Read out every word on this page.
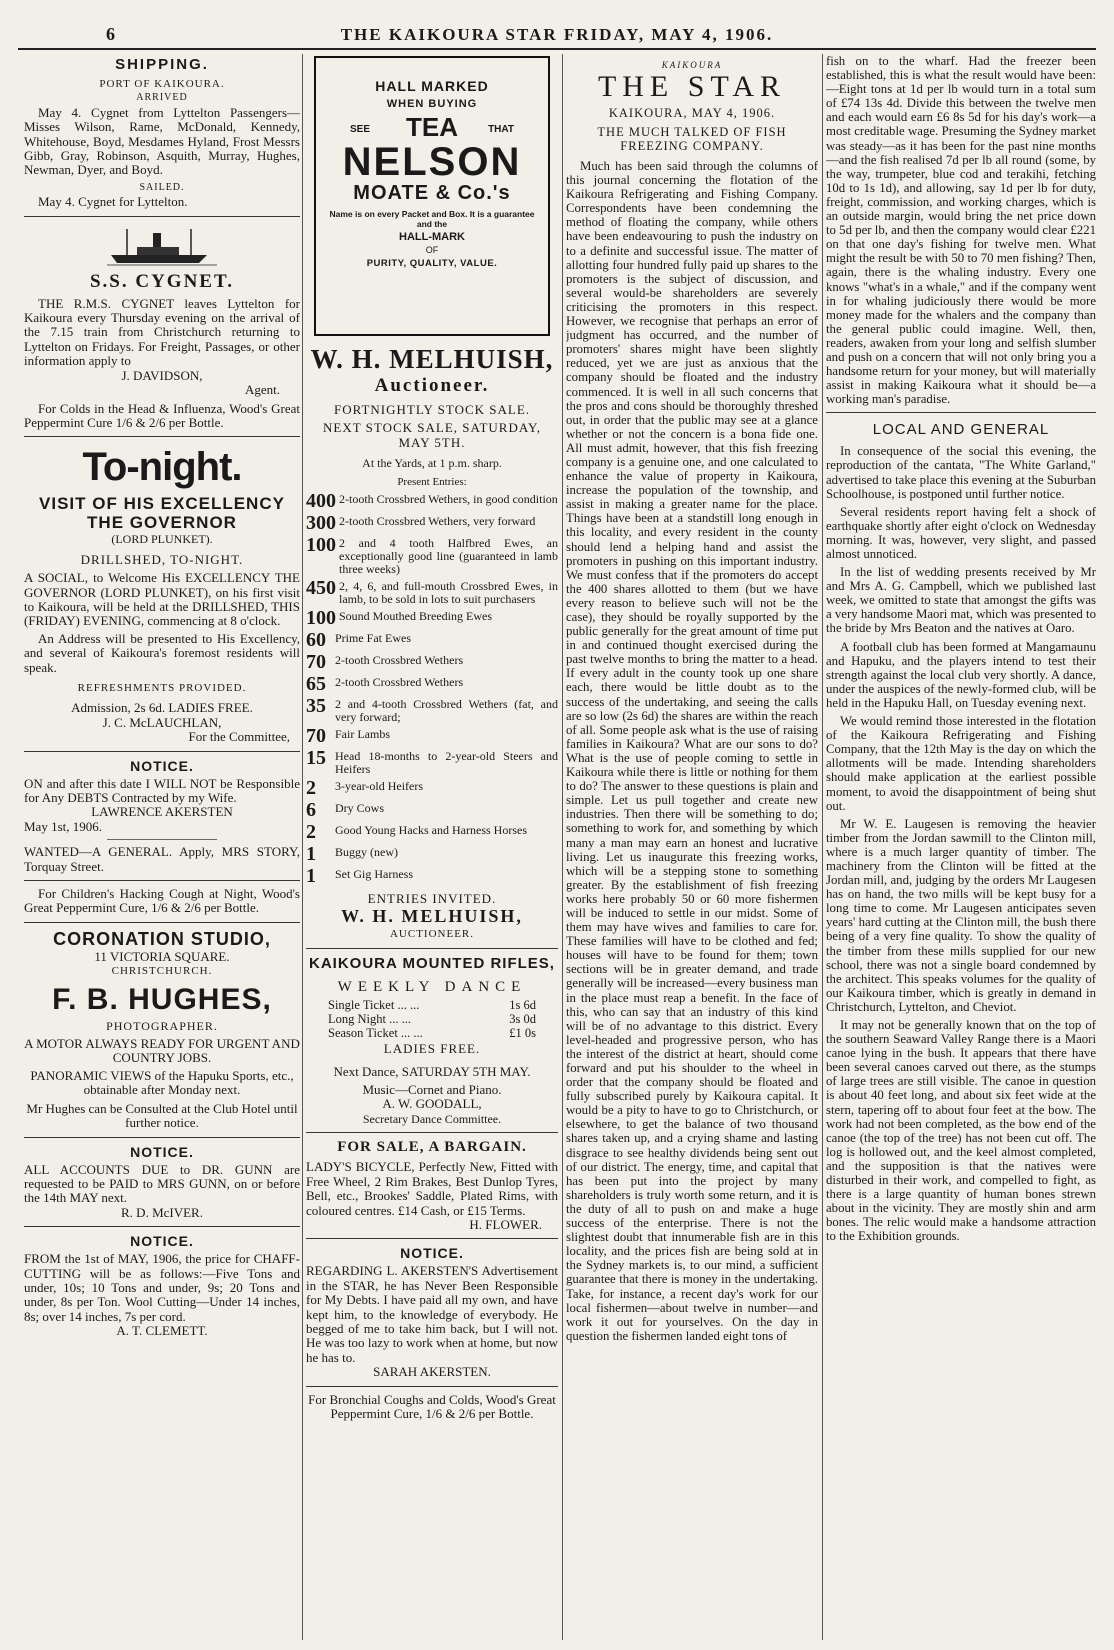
6	THE KAIKOURA STAR FRIDAY, MAY 4, 1906.
SHIPPING.

PORT OF KAIKOURA.

ARRIVED

May 4. Cygnet from Lyttelton Passengers—Misses Wilson, Rame, McDonald, Kennedy, Whitehouse, Boyd, Mesdames Hyland, Frost Messrs Gibb, Gray, Robinson, Asquith, Murray, Hughes, Newman, Dyer, and Boyd.

SAILED.

May 4. Cygnet for Lyttelton.

S.S. CYGNET.

THE R.M.S. CYGNET leaves Lyttelton for Kaikoura every Thursday evening on the arrival of the 7.15 train from Christchurch returning to Lyttelton on Fridays. For Freight, Passages, or other information apply to

J. DAVIDSON,

Agent.

For Colds in the Head & Influenza, Wood's Great Peppermint Cure 1/6 & 2/6 per Bottle.

To-night.
VISIT OF HIS EXCELLENCY THE GOVERNOR

(LORD PLUNKET).

DRILLSHED, TO-NIGHT.

A SOCIAL, to Welcome His EXCELLENCY THE GOVERNOR (LORD PLUNKET), on his first visit to Kaikoura, will be held at the DRILLSHED, THIS (FRIDAY) EVENING, commencing at 8 o'clock.

An Address will be presented to His Excellency, and several of Kaikoura's foremost residents will speak.

REFRESHMENTS PROVIDED.

Admission, 2s 6d. LADIES FREE.

J. C. McLAUCHLAN,

For the Committee,

NOTICE.

ON and after this date I WILL NOT be Responsible for Any DEBTS Contracted by my Wife.

LAWRENCE AKERSTEN

May 1st, 1906.

WANTED—A GENERAL. Apply, MRS STORY, Torquay Street.

For Children's Hacking Cough at Night, Wood's Great Peppermint Cure, 1/6 & 2/6 per Bottle.

CORONATION STUDIO,

11 VICTORIA SQUARE.

CHRISTCHURCH.

F. B. HUGHES,

PHOTOGRAPHER.

A MOTOR ALWAYS READY FOR URGENT AND COUNTRY JOBS.

PANORAMIC VIEWS of the Hapuku Sports, etc., obtainable after Monday next.

Mr Hughes can be Consulted at the Club Hotel until further notice.

NOTICE.

ALL ACCOUNTS DUE to DR. GUNN are requested to be PAID to MRS GUNN, on or before the 14th MAY next.

R. D. McIVER.

NOTICE.

FROM the 1st of MAY, 1906, the price for CHAFF-CUTTING will be as follows:—Five Tons and under, 10s; 10 Tons and under, 9s; 20 Tons and under, 8s per Ton. Wool Cutting—Under 14 inches, 8s; over 14 inches, 7s per cord.

A. T. CLEMETT.

HALL MARKED
WHEN BUYING
SEE	TEA	THAT
NELSON
MOATE & Co.'s
Name is on every Packet and Box. It is a guarantee and the
HALL-MARK
OF
PURITY, QUALITY, VALUE.
W. H. MELHUISH,
Auctioneer.

FORTNIGHTLY STOCK SALE.

NEXT STOCK SALE, SATURDAY, MAY 5TH.

At the Yards, at 1 p.m. sharp.

Present Entries:

400 2-tooth Crossbred Wethers, in good condition
300 2-tooth Crossbred Wethers, very forward
100 2 and 4 tooth Halfbred Ewes, an exceptionally good line (guaranteed in lamb three weeks)
450 2, 4, 6, and full-mouth Crossbred Ewes, in lamb, to be sold in lots to suit purchasers
100 Sound Mouthed Breeding Ewes
60 Prime Fat Ewes
70 2-tooth Crossbred Wethers
65 2-tooth Crossbred Wethers
35 2 and 4-tooth Crossbred Wethers (fat, and very forward;
70 Fair Lambs
15 Head 18-months to 2-year-old Steers and Heifers
2	3-year-old Heifers
6	Dry Cows
2	Good Young Hacks and Harness Horses
1	Buggy (new)
1	Set Gig Harness

ENTRIES INVITED.

W. H. MELHUISH,

AUCTIONEER.

KAIKOURA MOUNTED RIFLES,

WEEKLY DANCE

Single Ticket ... ...	1s 6d
Long Night ... ...	3s 0d
Season Ticket ... ...	£1 0s

LADIES FREE.

Next Dance, SATURDAY 5TH MAY.

Music—Cornet and Piano.

A. W. GOODALL,

Secretary Dance Committee.

FOR SALE, A BARGAIN.

LADY'S BICYCLE, Perfectly New, Fitted with Free Wheel, 2 Rim Brakes, Best Dunlop Tyres, Bell, etc., Brookes' Saddle, Plated Rims, with coloured centres. £14 Cash, or £15 Terms.

H. FLOWER.

NOTICE.

REGARDING L. AKERSTEN'S Advertisement in the STAR, he has Never Been Responsible for My Debts. I have paid all my own, and have kept him, to the knowledge of everybody. He begged of me to take him back, but I will not. He was too lazy to work when at home, but now he has to.

SARAH AKERSTEN.

For Bronchial Coughs and Colds, Wood's Great Peppermint Cure, 1/6 & 2/6 per Bottle.

KAIKOURA
THE STAR
KAIKOURA, MAY 4, 1906.
THE MUCH TALKED OF FISH FREEZING COMPANY.

Much has been said through the columns of this journal concerning the flotation of the Kaikoura Refrigerating and Fishing Company. Correspondents have been condemning the method of floating the company, while others have been endeavouring to push the industry on to a definite and successful issue. The matter of allotting four hundred fully paid up shares to the promoters is the subject of discussion, and several would-be shareholders are severely criticising the promoters in this respect. However, we recognise that perhaps an error of judgment has occurred, and the number of promoters' shares might have been slightly reduced, yet we are just as anxious that the company should be floated and the industry commenced. It is well in all such concerns that the pros and cons should be thoroughly threshed out, in order that the public may see at a glance whether or not the concern is a bona fide one. All must admit, however, that this fish freezing company is a genuine one, and one calculated to enhance the value of property in Kaikoura, increase the population of the township, and assist in making a greater name for the place. Things have been at a standstill long enough in this locality, and every resident in the county should lend a helping hand and assist the promoters in pushing on this important industry. We must confess that if the promoters do accept the 400 shares allotted to them (but we have every reason to believe such will not be the case), they should be royally supported by the public generally for the great amount of time put in and continued thought exercised during the past twelve months to bring the matter to a head. If every adult in the county took up one share each, there would be little doubt as to the success of the undertaking, and seeing the calls are so low (2s 6d) the shares are within the reach of all. Some people ask what is the use of raising families in Kaikoura? What are our sons to do? What is the use of people coming to settle in Kaikoura while there is little or nothing for them to do? The answer to these questions is plain and simple. Let us pull together and create new industries. Then there will be something to do; something to work for, and something by which many a man may earn an honest and lucrative living. Let us inaugurate this freezing works, which will be a stepping stone to something greater. By the establishment of fish freezing works here probably 50 or 60 more fishermen will be induced to settle in our midst. Some of them may have wives and families to care for. These families will have to be clothed and fed; houses will have to be found for them; town sections will be in greater demand, and trade generally will be increased—every business man in the place must reap a benefit. In the face of this, who can say that an industry of this kind will be of no advantage to this district. Every level-headed and progressive person, who has the interest of the district at heart, should come forward and put his shoulder to the wheel in order that the company should be floated and fully subscribed purely by Kaikoura capital. It would be a pity to have to go to Christchurch, or elsewhere, to get the balance of two thousand shares taken up, and a crying shame and lasting disgrace to see healthy dividends being sent out of our district. The energy, time, and capital that has been put into the project by many shareholders is truly worth some return, and it is the duty of all to push on and make a huge success of the enterprise. There is not the slightest doubt that innumerable fish are in this locality, and the prices fish are being sold at in the Sydney markets is, to our mind, a sufficient guarantee that there is money in the undertaking. Take, for instance, a recent day's work for our local fishermen—about twelve in number—and work it out for yourselves. On the day in question the fishermen landed eight tons of

fish on to the wharf. Had the freezer been established, this is what the result would have been:—Eight tons at 1d per lb would turn in a total sum of £74 13s 4d. Divide this between the twelve men and each would earn £6 8s 5d for his day's work—a most creditable wage. Presuming the Sydney market was steady—as it has been for the past nine months—and the fish realised 7d per lb all round (some, by the way, trumpeter, blue cod and terakihi, fetching 10d to 1s 1d), and allowing, say 1d per lb for duty, freight, commission, and working charges, which is an outside margin, would bring the net price down to 5d per lb, and then the company would clear £221 on that one day's fishing for twelve men. What might the result be with 50 to 70 men fishing? Then, again, there is the whaling industry. Every one knows "what's in a whale," and if the company went in for whaling judiciously there would be more money made for the whalers and the company than the general public could imagine. Well, then, readers, awaken from your long and selfish slumber and push on a concern that will not only bring you a handsome return for your money, but will materially assist in making Kaikoura what it should be—a working man's paradise.

LOCAL AND GENERAL

In consequence of the social this evening, the reproduction of the cantata, "The White Garland," advertised to take place this evening at the Suburban Schoolhouse, is postponed until further notice.

Several residents report having felt a shock of earthquake shortly after eight o'clock on Wednesday morning. It was, however, very slight, and passed almost unnoticed.

In the list of wedding presents received by Mr and Mrs A. G. Campbell, which we published last week, we omitted to state that amongst the gifts was a very handsome Maori mat, which was presented to the bride by Mrs Beaton and the natives at Oaro.

A football club has been formed at Mangamaunu and Hapuku, and the players intend to test their strength against the local club very shortly. A dance, under the auspices of the newly-formed club, will be held in the Hapuku Hall, on Tuesday evening next.

We would remind those interested in the flotation of the Kaikoura Refrigerating and Fishing Company, that the 12th May is the day on which the allotments will be made. Intending shareholders should make application at the earliest possible moment, to avoid the disappointment of being shut out.

Mr W. E. Laugesen is removing the heavier timber from the Jordan sawmill to the Clinton mill, where is a much larger quantity of timber. The machinery from the Clinton will be fitted at the Jordan mill, and, judging by the orders Mr Laugesen has on hand, the two mills will be kept busy for a long time to come. Mr Laugesen anticipates seven years' hard cutting at the Clinton mill, the bush there being of a very fine quality. To show the quality of the timber from these mills supplied for our new school, there was not a single board condemned by the architect. This speaks volumes for the quality of our Kaikoura timber, which is greatly in demand in Christchurch, Lyttelton, and Cheviot.

It may not be generally known that on the top of the southern Seaward Valley Range there is a Maori canoe lying in the bush. It appears that there have been several canoes carved out there, as the stumps of large trees are still visible. The canoe in question is about 40 feet long, and about six feet wide at the stern, tapering off to about four feet at the bow. The work had not been completed, as the bow end of the canoe (the top of the tree) has not been cut off. The log is hollowed out, and the keel almost completed, and the supposition is that the natives were disturbed in their work, and compelled to fight, as there is a large quantity of human bones strewn about in the vicinity. They are mostly shin and arm bones. The relic would make a handsome attraction to the Exhibition grounds.
